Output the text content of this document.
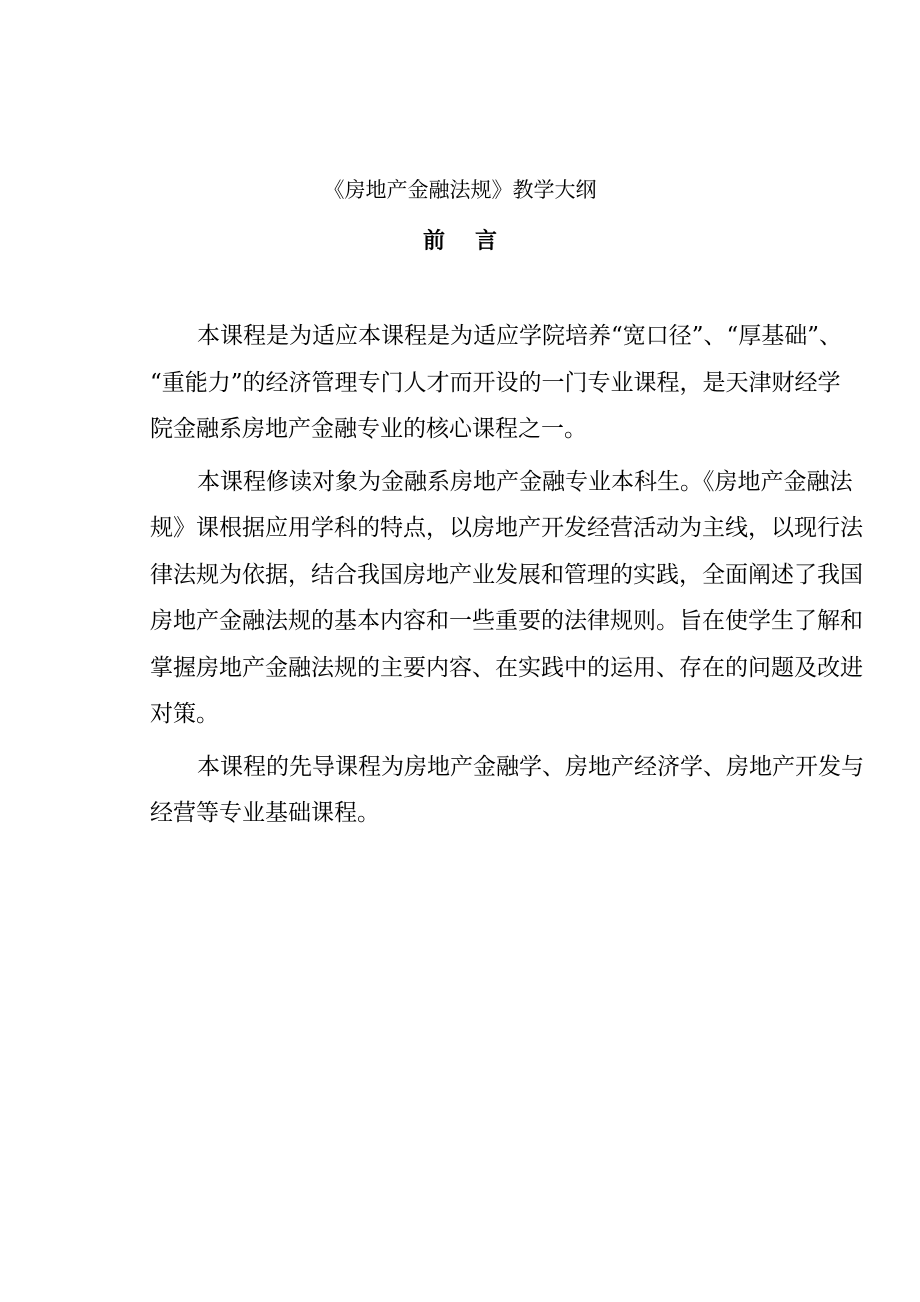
《房地产金融法规》教学大纲
前言
本课程是为适应本课程是为适应学院培养“宽口径”、“厚基础”、
“重能力”的经济管理专门人才而开设的一门专业课程，是天津财经学
院金融系房地产金融专业的核心课程之一。
本课程修读对象为金融系房地产金融专业本科生。《房地产金融法
规》课根据应用学科的特点，以房地产开发经营活动为主线，以现行法
律法规为依据，结合我国房地产业发展和管理的实践，全面阐述了我国
房地产金融法规的基本内容和一些重要的法律规则。旨在使学生了解和
掌握房地产金融法规的主要内容、在实践中的运用、存在的问题及改进
对策。
本课程的先导课程为房地产金融学、房地产经济学、房地产开发与
经营等专业基础课程。
